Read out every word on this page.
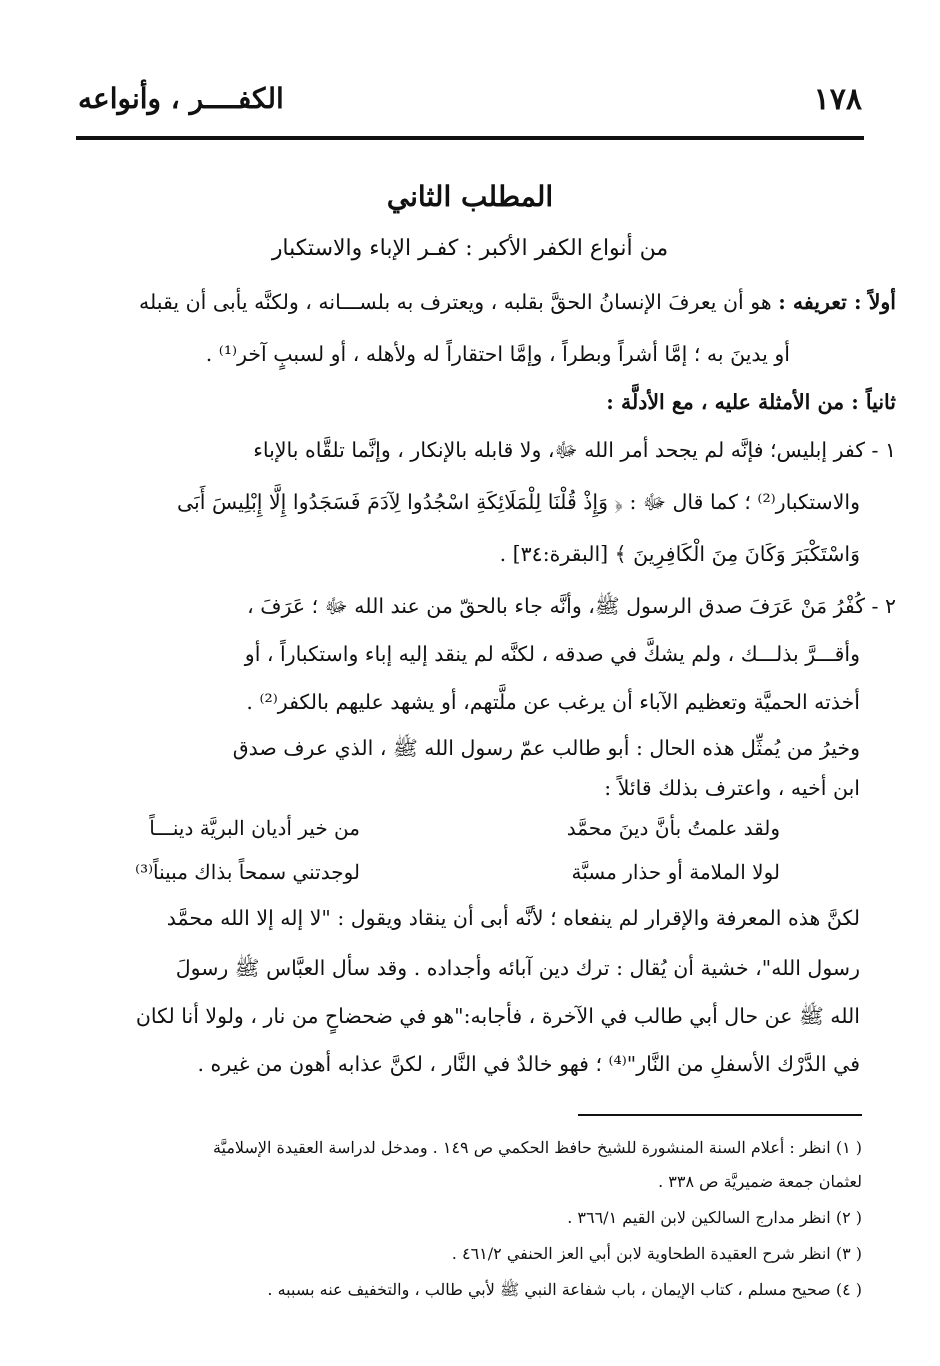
١٧٨
الكفــــر ، وأنواعه
المطلب الثاني
من أنواع الكفر الأكبر : كفـر الإباء والاستكبار
أولاً : تعريفه : هو أن يعرفَ الإنسانُ الحقَّ بقلبه ، ويعترف به بلســـانه ، ولكنَّه يأبى أن يقبله
أو يدينَ به ؛ إمَّا أشراً وبطراً ، وإمَّا احتقاراً له ولأهله ، أو لسببٍ آخر⁽¹⁾ .
ثانياً : من الأمثلة عليه ، مع الأدلَّة :
١ - كفر إبليس؛ فإنَّه لم يجحد أمر الله ﷻ، ولا قابله بالإنكار ، وإنَّما تلقَّاه بالإباء
والاستكبار⁽²⁾ ؛ كما قال ﷻ : ﴿ وَإِذْ قُلْنَا لِلْمَلَائِكَةِ اسْجُدُوا لِآدَمَ فَسَجَدُوا إِلَّا إِبْلِيسَ أَبَى
وَاسْتَكْبَرَ وَكَانَ مِنَ الْكَافِرِينَ ﴾ [البقرة:٣٤] .
٢ - كُفْرُ مَنْ عَرَفَ صدق الرسول ﷺ، وأنَّه جاء بالحقّ من عند الله ﷻ ؛ عَرَفَ ،
وأقـــرَّ بذلـــك ، ولم يشكَّ في صدقه ، لكنَّه لم ينقد إليه إباء واستكباراً ، أو
أخذته الحميَّة وتعظيم الآباء أن يرغب عن ملَّتهم، أو يشهد عليهم بالكفر⁽²⁾ .
وخيرُ من يُمثِّل هذه الحال : أبو طالب عمّ رسول الله ﷺ ، الذي عرف صدق
ابن أخيه ، واعترف بذلك قائلاً :
ولقد علمتُ بأنَّ دينَ محمَّد
من خير أديان البريَّة دينـــاً
لولا الملامة أو حذار مسبَّة
لوجدتني سمحاً بذاك مبيناً⁽³⁾
لكنَّ هذه المعرفة والإقرار لم ينفعاه ؛ لأنَّه أبى أن ينقاد ويقول : "لا إله إلا الله محمَّد
رسول الله"، خشية أن يُقال : ترك دين آبائه وأجداده . وقد سأل العبَّاس ﷺ رسولَ
الله ﷺ عن حال أبي طالب في الآخرة ، فأجابه:"هو في ضحضاحٍ من نار ، ولولا أنا لكان
في الدَّرْك الأسفلِ من النَّار"⁽⁴⁾ ؛ فهو خالدٌ في النَّار ، لكنَّ عذابه أهون من غيره .
( ١) انظر : أعلام السنة المنشورة للشيخ حافظ الحكمي ص ١٤٩ . ومدخل لدراسة العقيدة الإسلاميَّة
لعثمان جمعة ضميريَّة ص ٣٣٨ .
( ٢) انظر مدارج السالكين لابن القيم ٣٦٦/١ .
( ٣) انظر شرح العقيدة الطحاوية لابن أبي العز الحنفي ٤٦١/٢ .
( ٤) صحيح مسلم ، كتاب الإيمان ، باب شفاعة النبي ﷺ لأبي طالب ، والتخفيف عنه بسببه .
